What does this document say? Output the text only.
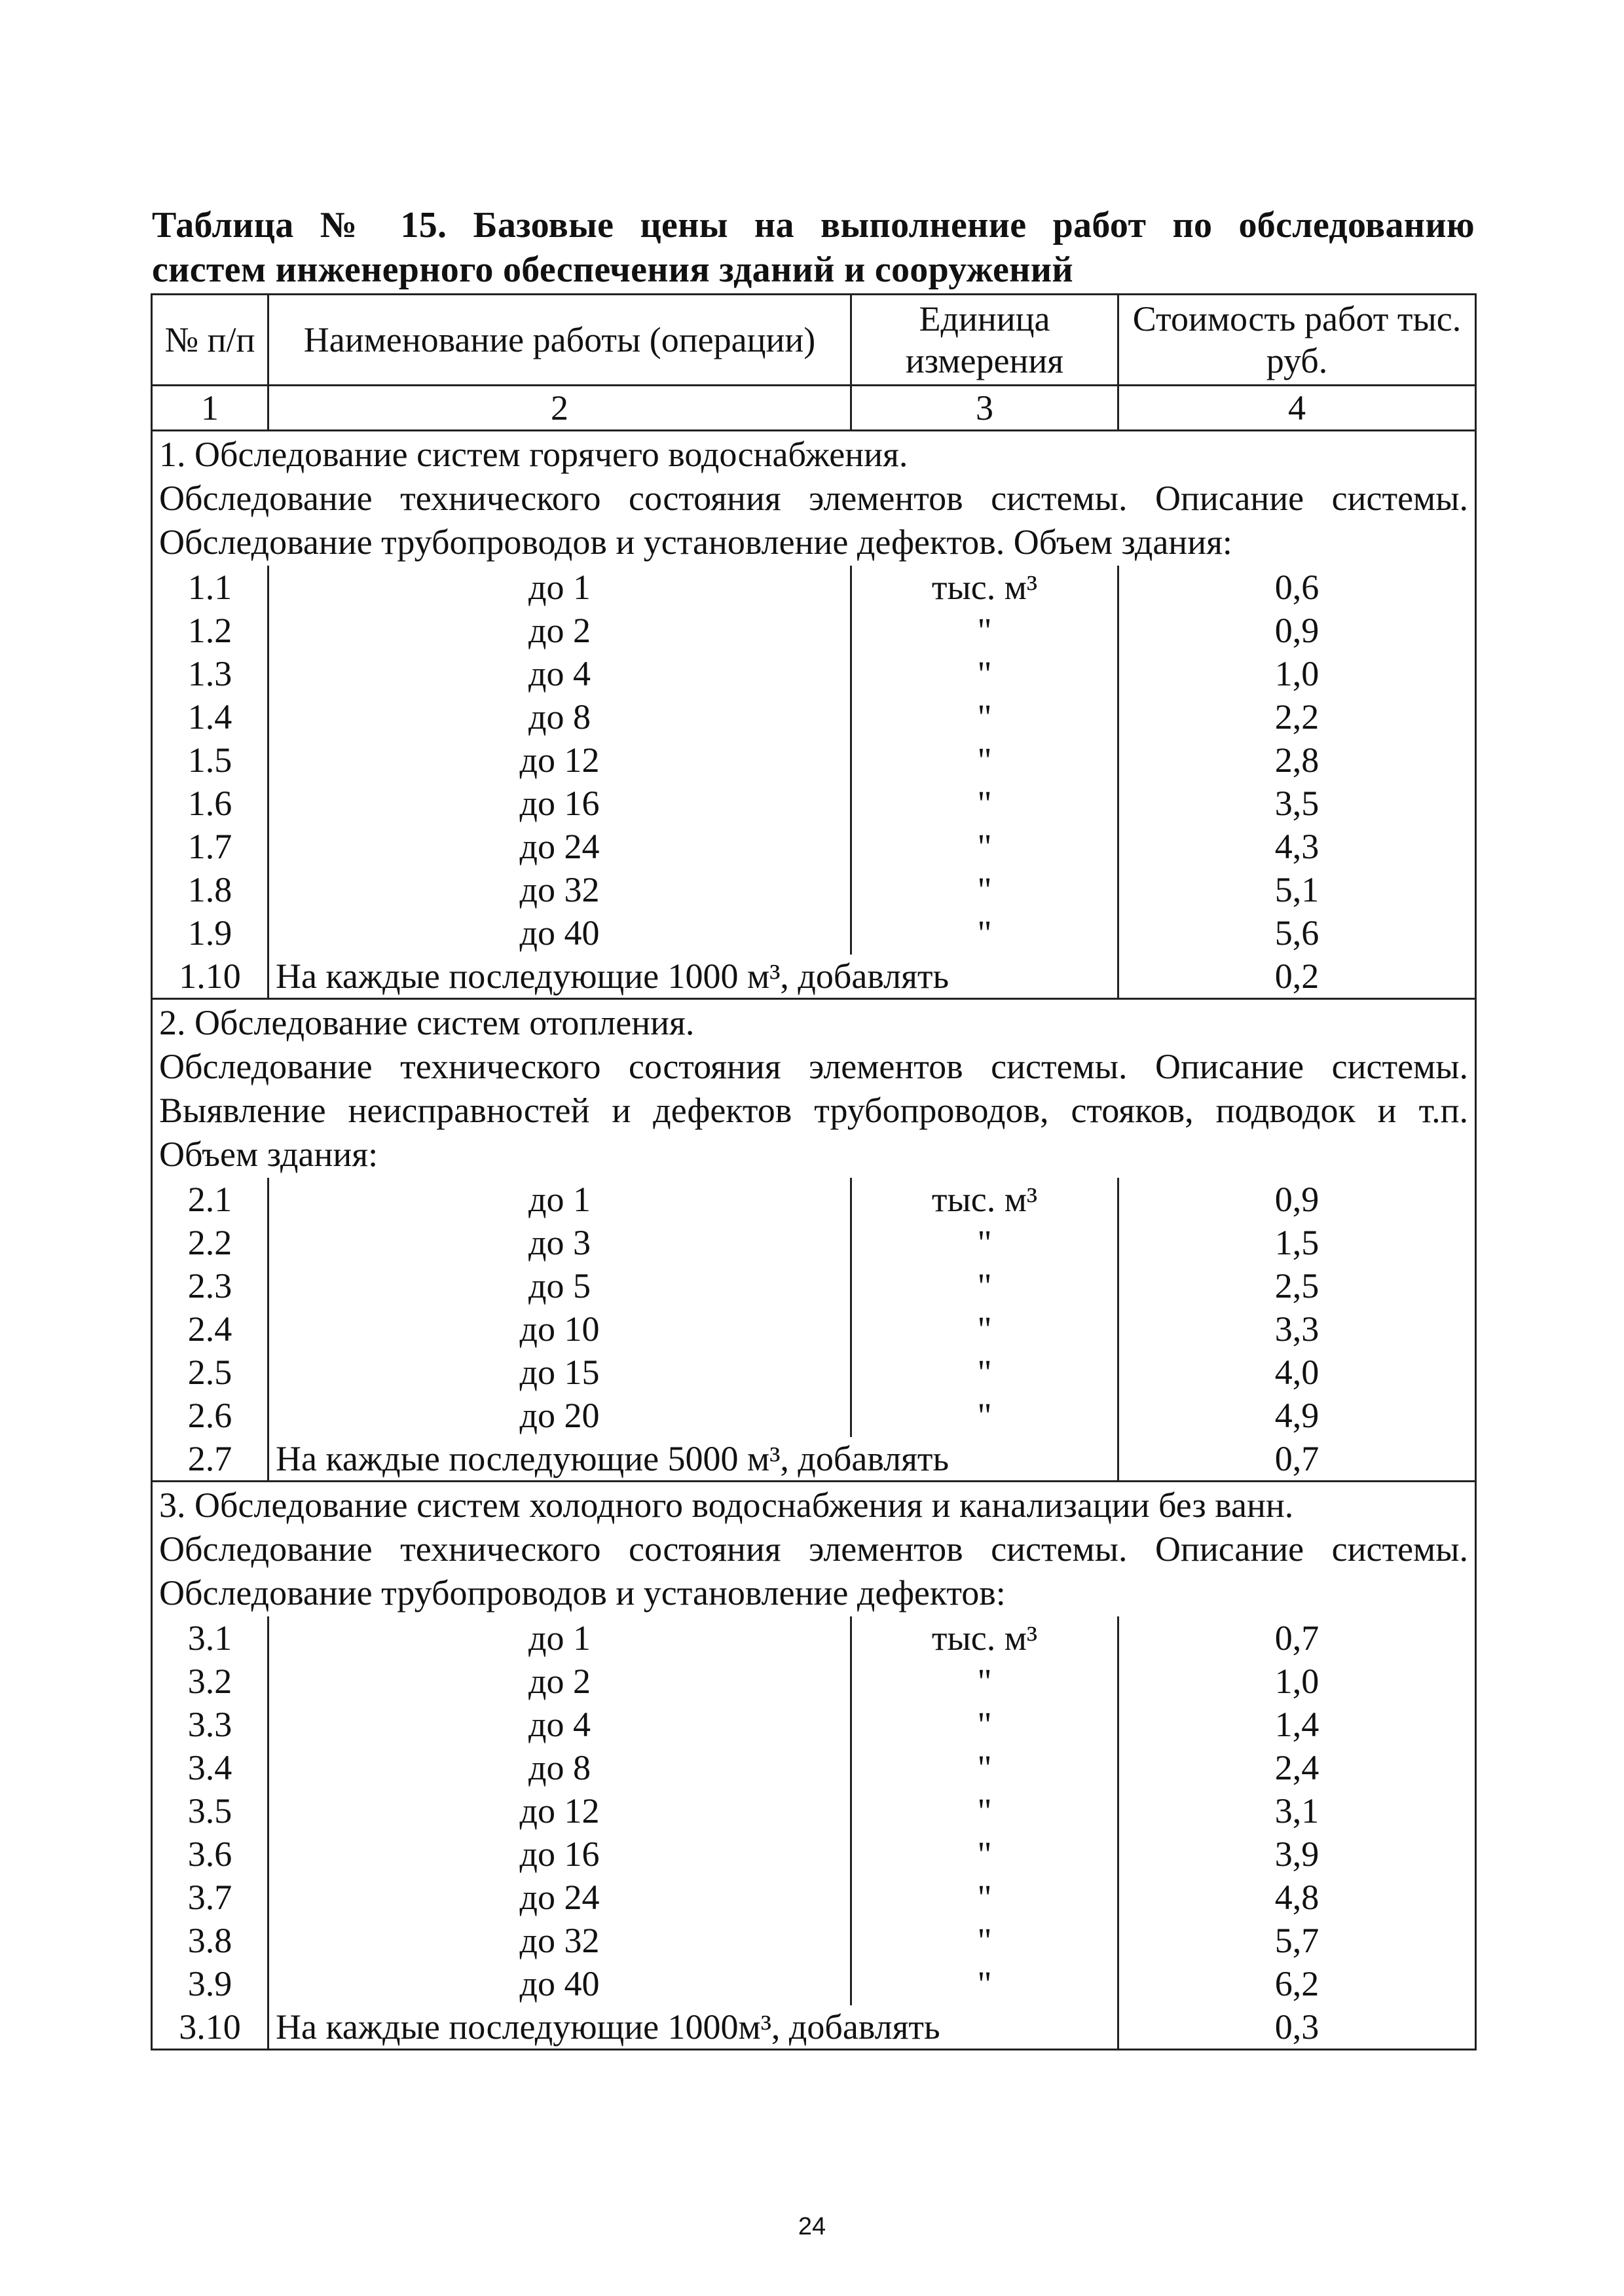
Таблица № 15. Базовые цены на выполнение работ по обследованию
систем инженерного обеспечения зданий и сооружений
№ п/п	Наименование работы (операции)	Единица измерения	Стоимость работ тыс. руб.
1	2	3	4

1. Обследование систем горячего водоснабжения.
Обследование технического состояния элементов системы. Описание системы. Обследование трубопроводов и установление дефектов. Объем здания:			
1.1	до 1	тыс. м³	0,6
1.2	до 2	"	0,9
1.3	до 4	"	1,0
1.4	до 8	"	2,2
1.5	до 12	"	2,8
1.6	до 16	"	3,5
1.7	до 24	"	4,3
1.8	до 32	"	5,1
1.9	до 40	"	5,6
1.10	На каждые последующие 1000 м³, добавлять		0,2

2. Обследование систем отопления.
Обследование технического состояния элементов системы. Описание системы. Выявление неисправностей и дефектов трубопроводов, стояков, подводок и т.п. Объем здания:			
2.1	до 1	тыс. м³	0,9
2.2	до 3	"	1,5
2.3	до 5	"	2,5
2.4	до 10	"	3,3
2.5	до 15	"	4,0
2.6	до 20	"	4,9
2.7	На каждые последующие 5000 м³, добавлять		0,7

3. Обследование систем холодного водоснабжения и канализации без ванн.
Обследование технического состояния элементов системы. Описание системы. Обследование трубопроводов и установление дефектов:			
3.1	до 1	тыс. м³	0,7
3.2	до 2	"	1,0
3.3	до 4	"	1,4
3.4	до 8	"	2,4
3.5	до 12	"	3,1
3.6	до 16	"	3,9
3.7	до 24	"	4,8
3.8	до 32	"	5,7
3.9	до 40	"	6,2
3.10	На каждые последующие 1000м³, добавлять		0,3
24
